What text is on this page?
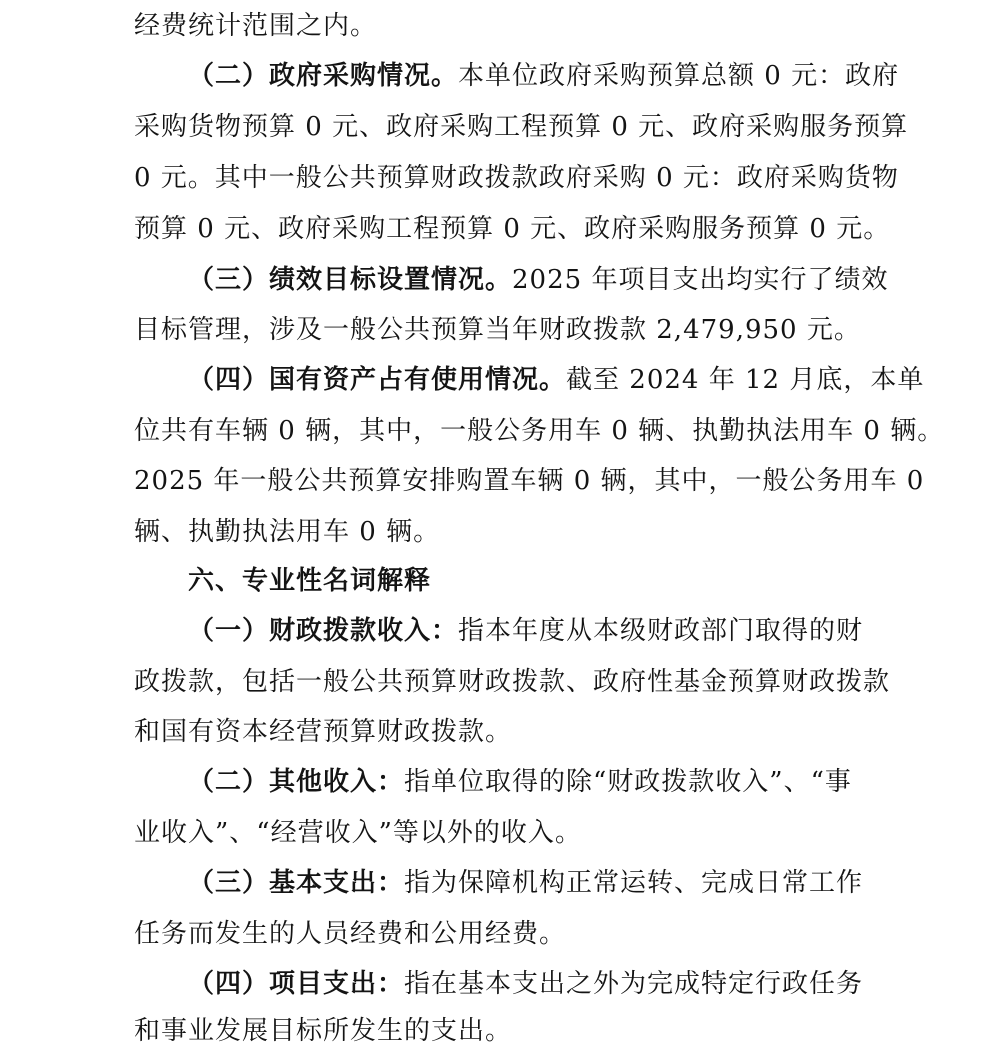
经费统计范围之内。
（二）政府采购情况。本单位政府采购预算总额 0 元：政府
采购货物预算 0 元、政府采购工程预算 0 元、政府采购服务预算
0 元。其中一般公共预算财政拨款政府采购 0 元：政府采购货物
预算 0 元、政府采购工程预算 0 元、政府采购服务预算 0 元。
（三）绩效目标设置情况。2025 年项目支出均实行了绩效
目标管理，涉及一般公共预算当年财政拨款 2,479,950 元。
（四）国有资产占有使用情况。截至 2024 年 12 月底，本单
位共有车辆 0 辆，其中，一般公务用车 0 辆、执勤执法用车 0 辆。
2025 年一般公共预算安排购置车辆 0 辆，其中，一般公务用车 0
辆、执勤执法用车 0 辆。
六、专业性名词解释
（一）财政拨款收入：指本年度从本级财政部门取得的财
政拨款，包括一般公共预算财政拨款、政府性基金预算财政拨款
和国有资本经营预算财政拨款。
（二）其他收入：指单位取得的除“财政拨款收入”、“事
业收入”、“经营收入”等以外的收入。
（三）基本支出：指为保障机构正常运转、完成日常工作
任务而发生的人员经费和公用经费。
（四）项目支出：指在基本支出之外为完成特定行政任务
和事业发展目标所发生的支出。
